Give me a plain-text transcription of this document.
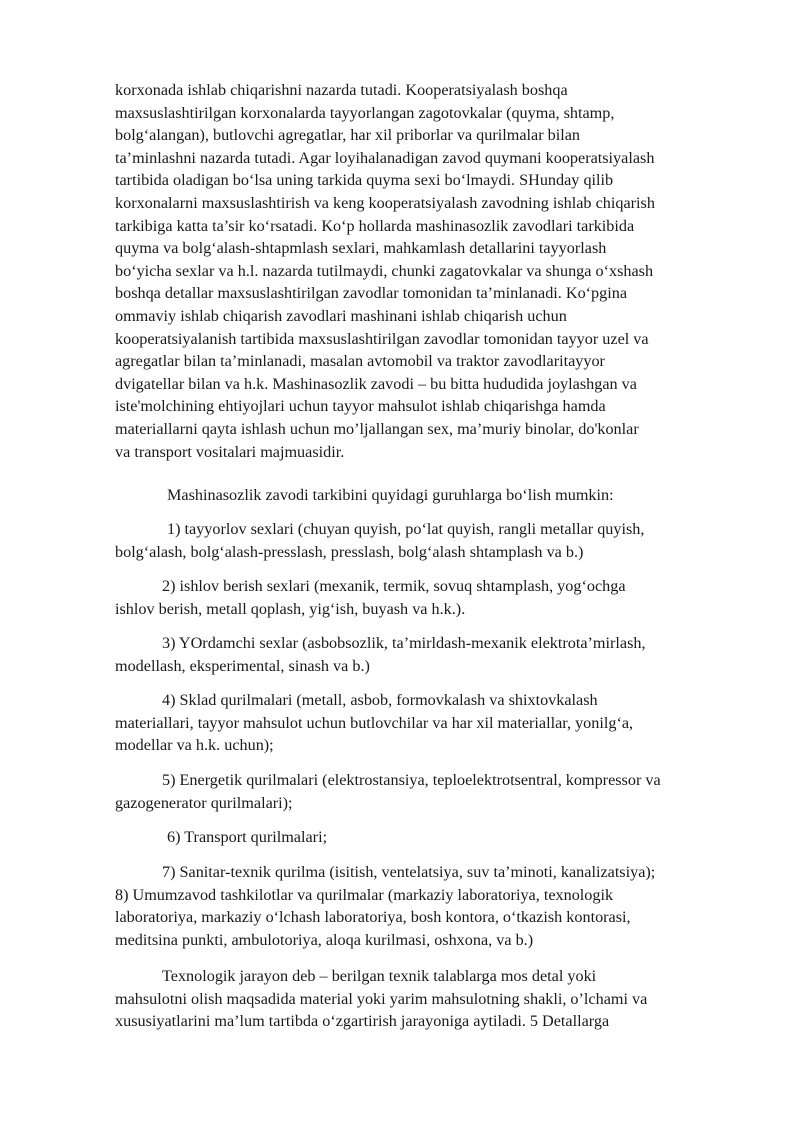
korxonada ishlab chiqarishni nazarda tutadi. Kooperatsiyalash boshqa
maxsuslashtirilgan korxonalarda tayyorlangan zagotovkalar (quyma, shtamp,
bolg‘alangan), butlovchi agregatlar, har xil priborlar va qurilmalar bilan
ta’minlashni nazarda tutadi. Agar loyihalanadigan zavod quymani kooperatsiyalash
tartibida oladigan bo‘lsa uning tarkida quyma sexi bo‘lmaydi. SHunday qilib
korxonalarni maxsuslashtirish va keng kooperatsiyalash zavodning ishlab chiqarish
tarkibiga katta ta’sir ko‘rsatadi. Ko‘p hollarda mashinasozlik zavodlari tarkibida
quyma va bolg‘alash-shtapmlash sexlari, mahkamlash detallarini tayyorlash
bo‘yicha sexlar va h.l. nazarda tutilmaydi, chunki zagatovkalar va shunga o‘xshash
boshqa detallar maxsuslashtirilgan zavodlar tomonidan ta’minlanadi. Ko‘pgina
ommaviy ishlab chiqarish zavodlari mashinani ishlab chiqarish uchun
kooperatsiyalanish tartibida maxsuslashtirilgan zavodlar tomonidan tayyor uzel va
agregatlar bilan ta’minlanadi, masalan avtomobil va traktor zavodlaritayyor
dvigatellar bilan va h.k. Mashinasozlik zavodi – bu bitta hududida joylashgan va
iste'molchining ehtiyojlari uchun tayyor mahsulot ishlab chiqarishga hamda
materiallarni qayta ishlash uchun mo’ljallangan sex, ma’muriy binolar, do'konlar
va transport vositalari majmuasidir.
Mashinasozlik zavodi tarkibini quyidagi guruhlarga bo‘lish mumkin:
1) tayyorlov sexlari (chuyan quyish, po‘lat quyish, rangli metallar quyish,
bolg‘alash, bolg‘alash-presslash, presslash, bolg‘alash shtamplash va b.)
2) ishlov berish sexlari (mexanik, termik, sovuq shtamplash, yog‘ochga
ishlov berish, metall qoplash, yig‘ish, buyash va h.k.).
3) YOrdamchi sexlar (asbobsozlik, ta’mirldash-mexanik elektrota’mirlash,
modellash, eksperimental, sinash va b.)
4) Sklad qurilmalari (metall, asbob, formovkalash va shixtovkalash
materiallari, tayyor mahsulot uchun butlovchilar va har xil materiallar, yonilg‘a,
modellar va h.k. uchun);
5) Energetik qurilmalari (elektrostansiya, teploelektrotsentral, kompressor va
gazogenerator qurilmalari);
6) Transport qurilmalari;
7) Sanitar-texnik qurilma (isitish, ventelatsiya, suv ta’minoti, kanalizatsiya);
8) Umumzavod tashkilotlar va qurilmalar (markaziy laboratoriya, texnologik
laboratoriya, markaziy o‘lchash laboratoriya, bosh kontora, o‘tkazish kontorasi,
meditsina punkti, ambulotoriya, aloqa kurilmasi, oshxona, va b.)
Texnologik jarayon deb – berilgan texnik talablarga mos detal yoki
mahsulotni olish maqsadida material yoki yarim mahsulotning shakli, o’lchami va
xususiyatlarini ma’lum tartibda o‘zgartirish jarayoniga aytiladi. 5 Detallarga
